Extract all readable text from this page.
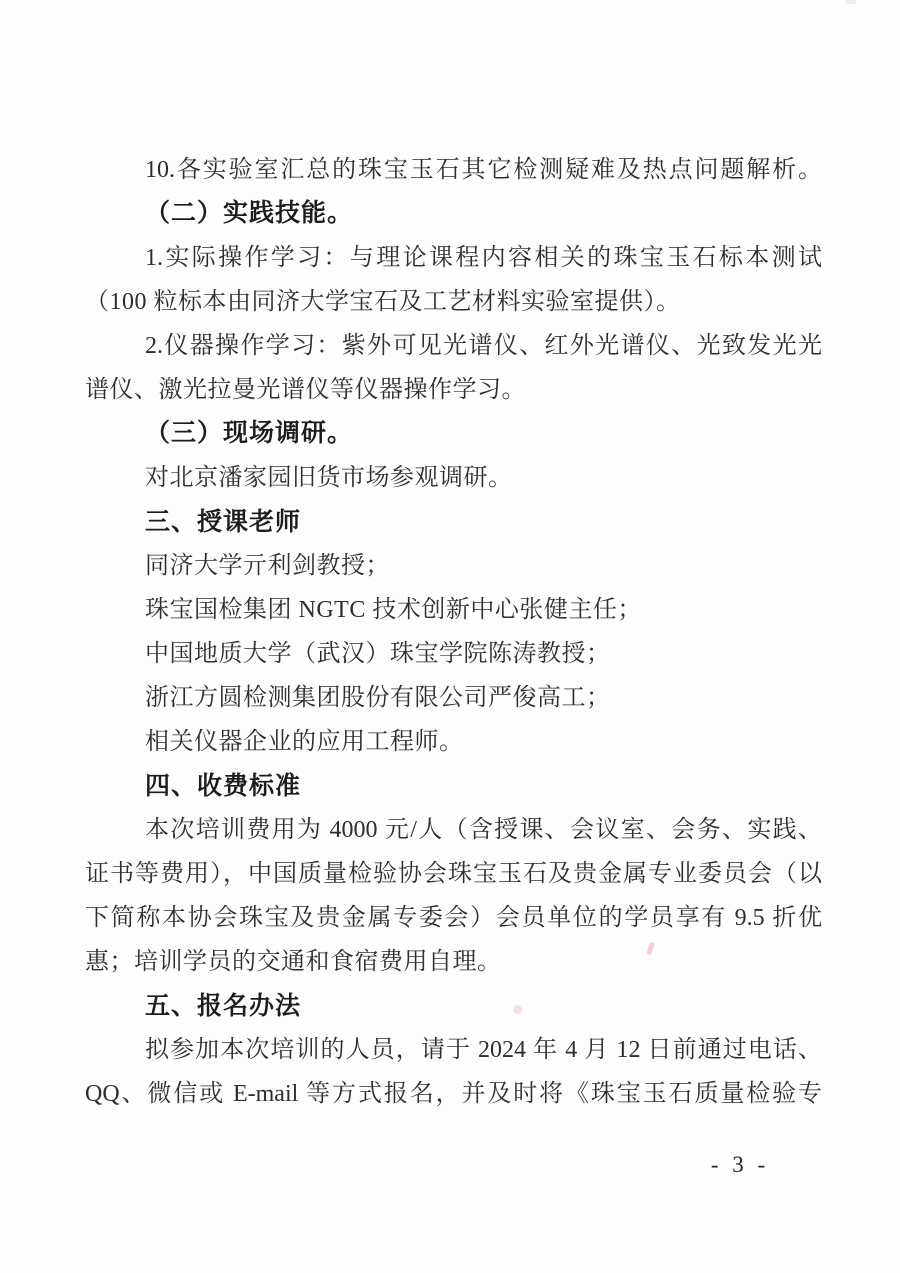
10.各实验室汇总的珠宝玉石其它检测疑难及热点问题解析。
（二）实践技能。
1.实际操作学习：与理论课程内容相关的珠宝玉石标本测试
（100 粒标本由同济大学宝石及工艺材料实验室提供）。
2.仪器操作学习：紫外可见光谱仪、红外光谱仪、光致发光光
谱仪、激光拉曼光谱仪等仪器操作学习。
（三）现场调研。
对北京潘家园旧货市场参观调研。
三、授课老师
同济大学亓利剑教授；
珠宝国检集团 NGTC 技术创新中心张健主任；
中国地质大学（武汉）珠宝学院陈涛教授；
浙江方圆检测集团股份有限公司严俊高工；
相关仪器企业的应用工程师。
四、收费标准
本次培训费用为 4000 元/人（含授课、会议室、会务、实践、
证书等费用），中国质量检验协会珠宝玉石及贵金属专业委员会（以
下简称本协会珠宝及贵金属专委会）会员单位的学员享有 9.5 折优
惠；培训学员的交通和食宿费用自理。
五、报名办法
拟参加本次培训的人员，请于 2024 年 4 月 12 日前通过电话、
QQ、微信或 E-mail 等方式报名，并及时将《珠宝玉石质量检验专
- 3 -
